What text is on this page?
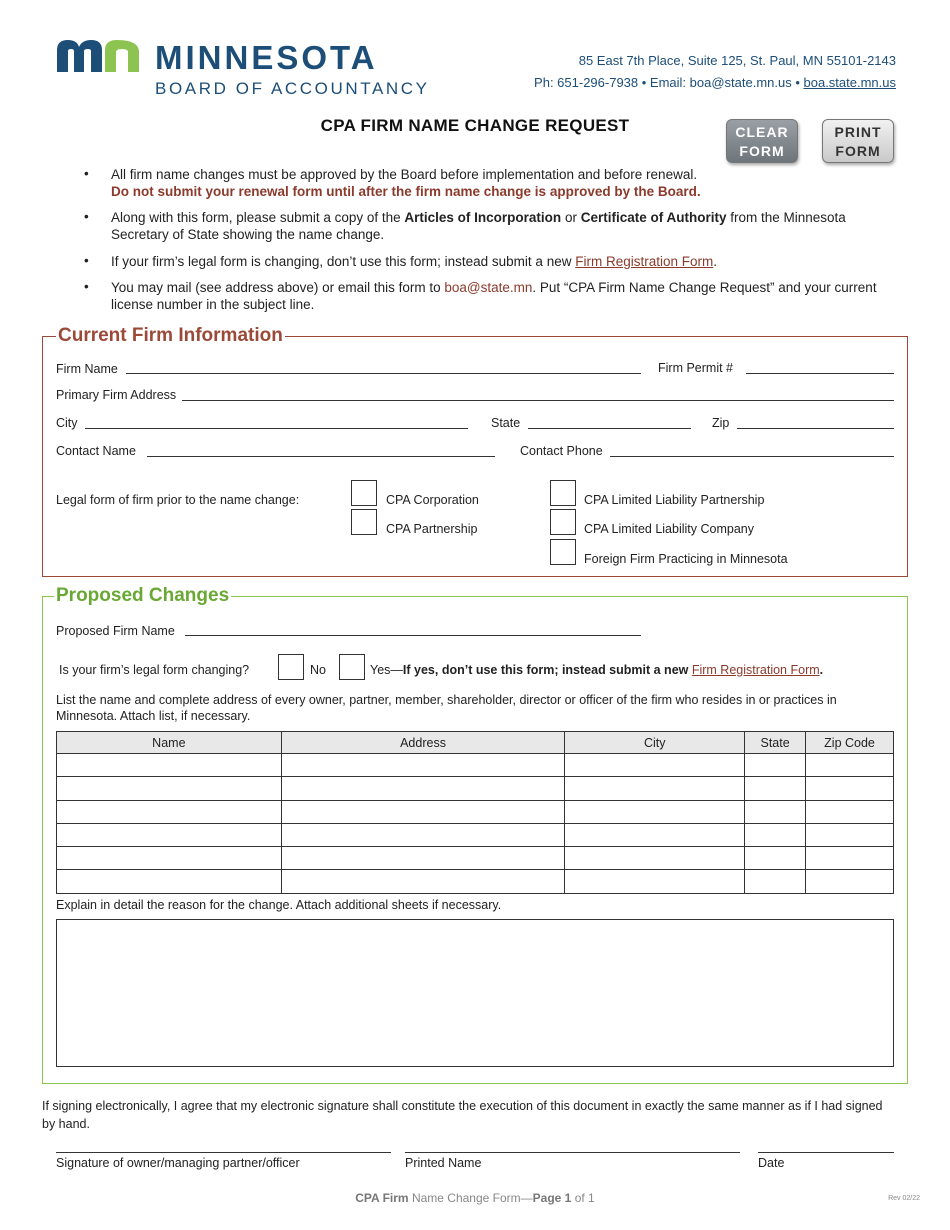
MINNESOTA
BOARD OF ACCOUNTANCY
85 East 7th Place, Suite 125, St. Paul, MN 55101-2143
Ph: 651-296-7938 • Email: boa@state.mn.us • boa.state.mn.us
CPA FIRM NAME CHANGE REQUEST	CLEAR
FORM
PRINT
FORM
• All firm name changes must be approved by the Board before implementation and before renewal.
Do not submit your renewal form until after the firm name change is approved by the Board.
• Along with this form, please submit a copy of the Articles of Incorporation or Certificate of Authority from the Minnesota Secretary of State showing the name change.
• If your firm’s legal form is changing, don’t use this form; instead submit a new Firm Registration Form.
• You may mail (see address above) or email this form to boa@state.mn. Put “CPA Firm Name Change Request” and your current license number in the subject line.
Current Firm Information
Firm Name	Firm Permit #
Primary Firm Address
City	State	Zip
Contact Name	Contact Phone
Legal form of firm prior to the name change:	CPA Corporation
CPA Partnership
CPA Limited Liability Partnership
CPA Limited Liability Company
Foreign Firm Practicing in Minnesota
Proposed Changes
Proposed Firm Name
Is your firm’s legal form changing?	No	Yes—If yes, don’t use this form; instead submit a new Firm Registration Form.
List the name and complete address of every owner, partner, member, shareholder, director or officer of the firm who resides in or practices in Minnesota. Attach list, if necessary.
Name	Address	City	State	Zip Code

Explain in detail the reason for the change. Attach additional sheets if necessary.
If signing electronically, I agree that my electronic signature shall constitute the execution of this document in exactly the same manner as if I had signed by hand.
Signature of owner/managing partner/officer	Printed Name	Date
CPA Firm Name Change Form—Page 1 of 1	Rev 02/22
